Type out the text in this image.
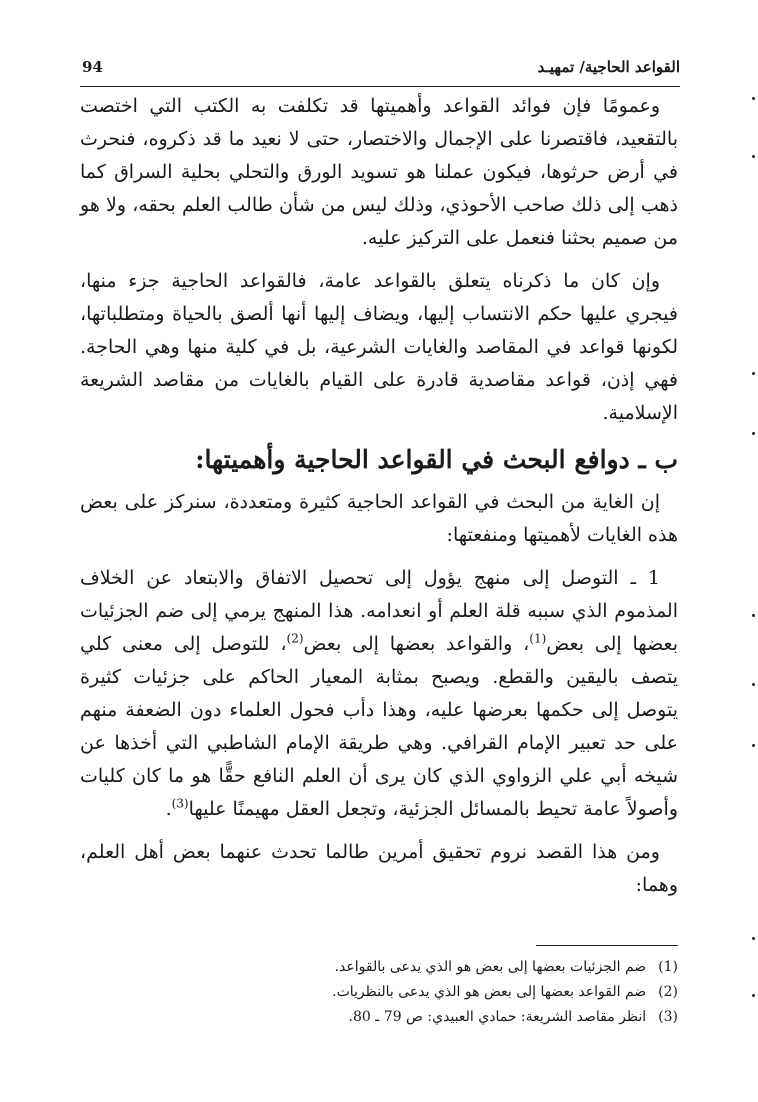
94	القواعد الحاجية/ تمهيـد

وعمومًا فإن فوائد القواعد وأهميتها قد تكلفت به الكتب التي اختصت بالتقعيد، فاقتصرنا على الإجمال والاختصار، حتى لا نعيد ما قد ذكروه، فنحرث في أرض حرثوها، فيكون عملنا هو تسويد الورق والتحلي بحلية السراق كما ذهب إلى ذلك صاحب الأحوذي، وذلك ليس من شأن طالب العلم بحقه، ولا هو من صميم بحثنا فنعمل على التركيز عليه.

وإن كان ما ذكرناه يتعلق بالقواعد عامة، فالقواعد الحاجية جزء منها، فيجري عليها حكم الانتساب إليها، ويضاف إليها أنها ألصق بالحياة ومتطلباتها، لكونها قواعد في المقاصد والغايات الشرعية، بل في كلية منها وهي الحاجة. فهي إذن، قواعد مقاصدية قادرة على القيام بالغايات من مقاصد الشريعة الإسلامية.

ب ـ دوافع البحث في القواعد الحاجية وأهميتها:

إن الغاية من البحث في القواعد الحاجية كثيرة ومتعددة، سنركز على بعض هذه الغايات لأهميتها ومنفعتها:

1 ـ التوصل إلى منهج يؤول إلى تحصيل الاتفاق والابتعاد عن الخلاف المذموم الذي سببه قلة العلم أو انعدامه. هذا المنهج يرمي إلى ضم الجزئيات بعضها إلى بعض$^{(1)}$، والقواعد بعضها إلى بعض$^{(2)}$، للتوصل إلى معنى كلي يتصف باليقين والقطع. ويصبح بمثابة المعيار الحاكم على جزئيات كثيرة يتوصل إلى حكمها بعرضها عليه، وهذا دأب فحول العلماء دون الضعفة منهم على حد تعبير الإمام القرافي. وهي طريقة الإمام الشاطبي التي أخذها عن شيخه أبي علي الزواوي الذي كان يرى أن العلم النافع حقًّا هو ما كان كليات وأصولاً عامة تحيط بالمسائل الجزئية، وتجعل العقل مهيمنًا عليها$^{(3)}$.

ومن هذا القصد نروم تحقيق أمرين طالما تحدث عنهما بعض أهل العلم، وهما:

(1)ضم الجزئيات بعضها إلى بعض هو الذي يدعى بالقواعد.
(2)ضم القواعد بعضها إلى بعض هو الذي يدعى بالنظريات.
(3)انظر مقاصد الشريعة: حمادي العبيدي: ص 79 ـ 80.
